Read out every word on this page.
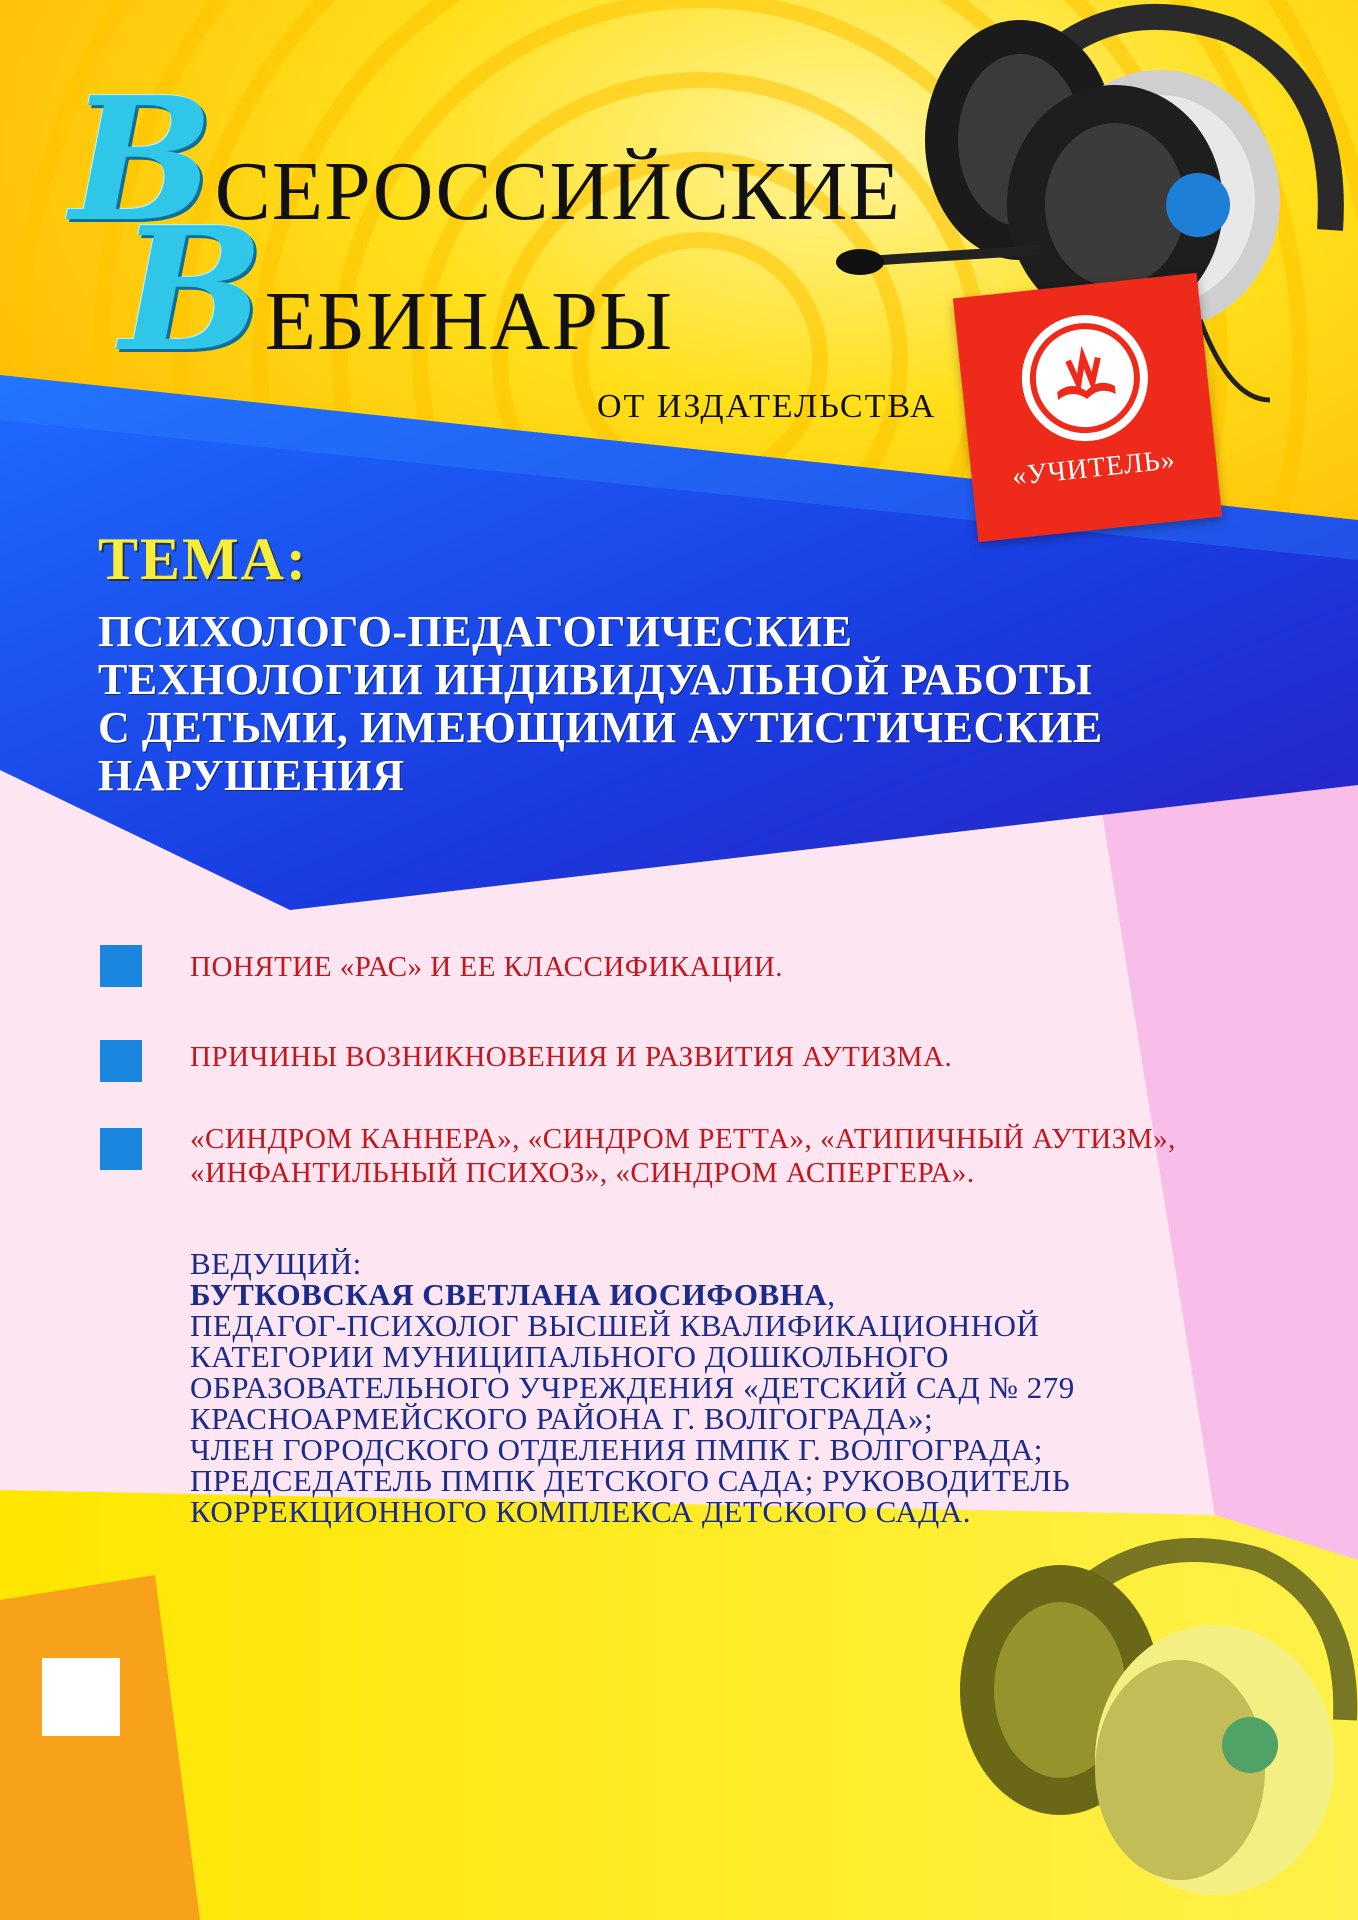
ВСЕРОССИЙСКИЕ
ВЕБИНАРЫ
ОТ ИЗДАТЕЛЬСТВА
«УЧИТЕЛЬ»
ТЕМА:
ПСИХОЛОГО-ПЕДАГОГИЧЕСКИЕ
ТЕХНОЛОГИИ ИНДИВИДУАЛЬНОЙ РАБОТЫ
С ДЕТЬМИ, ИМЕЮЩИМИ АУТИСТИЧЕСКИЕ
НАРУШЕНИЯ
ПОНЯТИЕ «РАС» И ЕЕ КЛАССИФИКАЦИИ.
ПРИЧИНЫ ВОЗНИКНОВЕНИЯ И РАЗВИТИЯ АУТИЗМА.
«СИНДРОМ КАННЕРА», «СИНДРОМ РЕТТА», «АТИПИЧНЫЙ АУТИЗМ»,
«ИНФАНТИЛЬНЫЙ ПСИХОЗ», «СИНДРОМ АСПЕРГЕРА».
ВЕДУЩИЙ:
БУТКОВСКАЯ СВЕТЛАНА ИОСИФОВНА,
ПЕДАГОГ-ПСИХОЛОГ ВЫСШЕЙ КВАЛИФИКАЦИОННОЙ
КАТЕГОРИИ МУНИЦИПАЛЬНОГО ДОШКОЛЬНОГО
ОБРАЗОВАТЕЛЬНОГО УЧРЕЖДЕНИЯ «ДЕТСКИЙ САД № 279
КРАСНОАРМЕЙСКОГО РАЙОНА Г. ВОЛГОГРАДА»;
ЧЛЕН ГОРОДСКОГО ОТДЕЛЕНИЯ ПМПК Г. ВОЛГОГРАДА;
ПРЕДСЕДАТЕЛЬ ПМПК ДЕТСКОГО САДА; РУКОВОДИТЕЛЬ
КОРРЕКЦИОННОГО КОМПЛЕКСА ДЕТСКОГО САДА.
